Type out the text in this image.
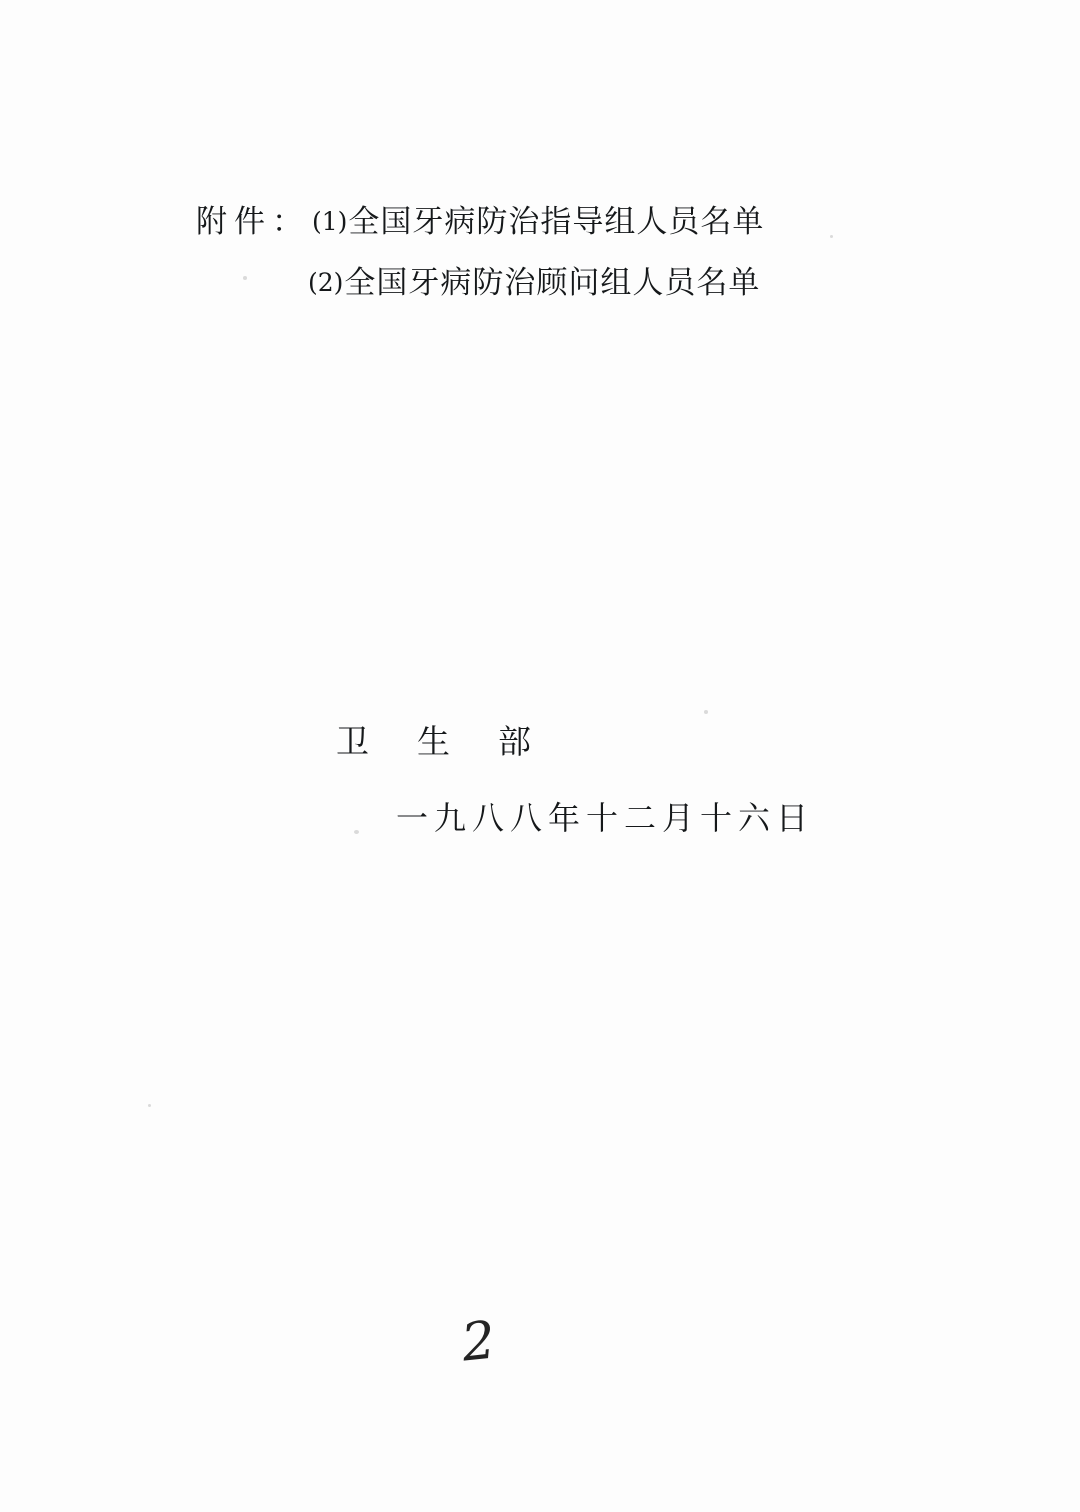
附件： (1) 全国牙病防治指导组人员名单
(2) 全国牙病防治顾问组人员名单
卫生部
一九八八年十二月十六日
2
